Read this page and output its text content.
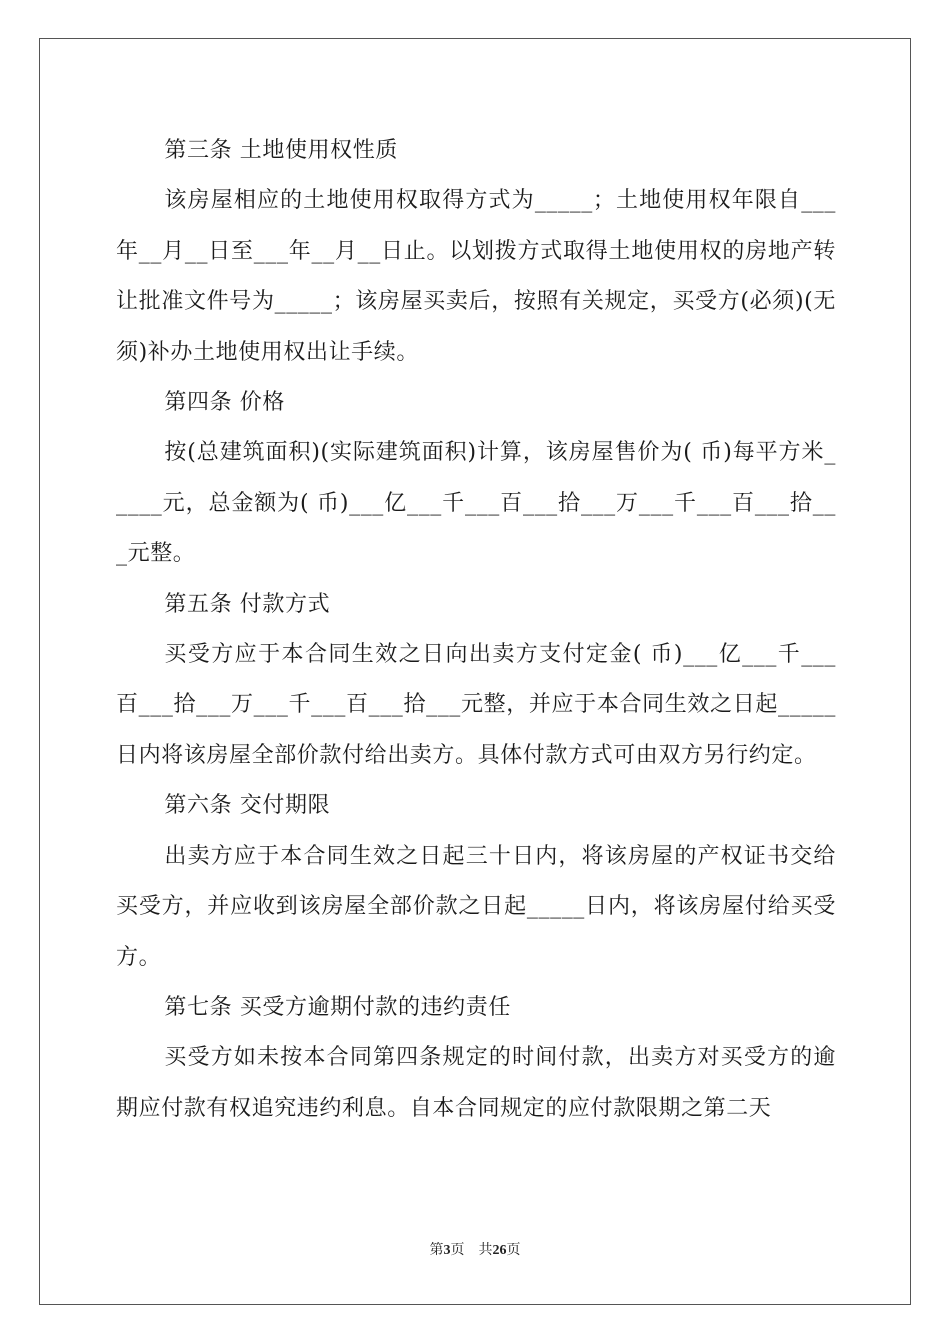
第三条 土地使用权性质

该房屋相应的土地使用权取得方式为_____；土地使用权年限自___年__月__日至___年__月__日止。以划拨方式取得土地使用权的房地产转让批准文件号为_____；该房屋买卖后，按照有关规定，买受方(必须)(无须)补办土地使用权出让手续。

第四条 价格

按(总建筑面积)(实际建筑面积)计算，该房屋售价为( 币)每平方米_____元，总金额为( 币)___亿___千___百___拾___万___千___百___拾___元整。

第五条 付款方式

买受方应于本合同生效之日向出卖方支付定金( 币)___亿___千___百___拾___万___千___百___拾___元整，并应于本合同生效之日起_____日内将该房屋全部价款付给出卖方。具体付款方式可由双方另行约定。

第六条 交付期限

出卖方应于本合同生效之日起三十日内，将该房屋的产权证书交给买受方，并应收到该房屋全部价款之日起_____日内，将该房屋付给买受方。

第七条 买受方逾期付款的违约责任

买受方如未按本合同第四条规定的时间付款，出卖方对买受方的逾期应付款有权追究违约利息。自本合同规定的应付款限期之第二天

第3页 共26页
